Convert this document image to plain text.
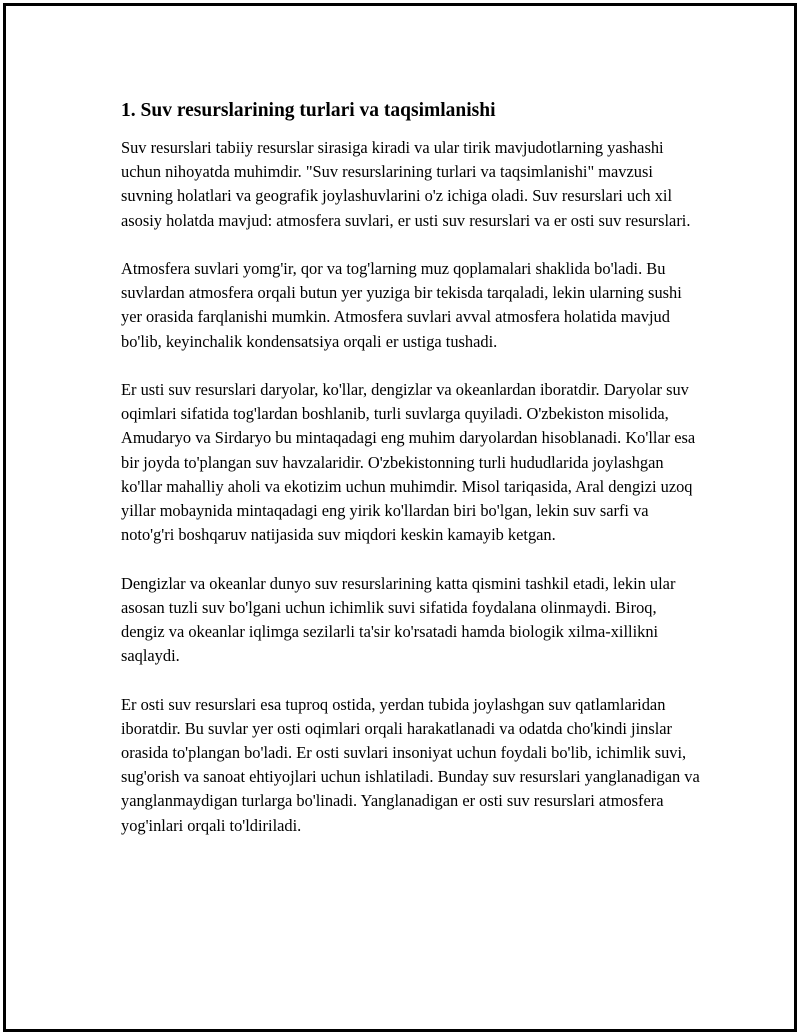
1. Suv resurslarining turlari va taqsimlanishi

Suv resurslari tabiiy resurslar sirasiga kiradi va ular tirik mavjudotlarning yashashi uchun nihoyatda muhimdir. "Suv resurslarining turlari va taqsimlanishi" mavzusi suvning holatlari va geografik joylashuvlarini o'z ichiga oladi. Suv resurslari uch xil asosiy holatda mavjud: atmosfera suvlari, er usti suv resurslari va er osti suv resurslari.

Atmosfera suvlari yomg'ir, qor va tog'larning muz qoplamalari shaklida bo'ladi. Bu suvlardan atmosfera orqali butun yer yuziga bir tekisda tarqaladi, lekin ularning sushi yer orasida farqlanishi mumkin. Atmosfera suvlari avval atmosfera holatida mavjud bo'lib, keyinchalik kondensatsiya orqali er ustiga tushadi.

Er usti suv resurslari daryolar, ko'llar, dengizlar va okeanlardan iboratdir. Daryolar suv oqimlari sifatida tog'lardan boshlanib, turli suvlarga quyiladi. O'zbekiston misolida, Amudaryo va Sirdaryo bu mintaqadagi eng muhim daryolardan hisoblanadi. Ko'llar esa bir joyda to'plangan suv havzalaridir. O'zbekistonning turli hududlarida joylashgan ko'llar mahalliy aholi va ekotizim uchun muhimdir. Misol tariqasida, Aral dengizi uzoq yillar mobaynida mintaqadagi eng yirik ko'llardan biri bo'lgan, lekin suv sarfi va noto'g'ri boshqaruv natijasida suv miqdori keskin kamayib ketgan.

Dengizlar va okeanlar dunyo suv resurslarining katta qismini tashkil etadi, lekin ular asosan tuzli suv bo'lgani uchun ichimlik suvi sifatida foydalana olinmaydi. Biroq, dengiz va okeanlar iqlimga sezilarli ta'sir ko'rsatadi hamda biologik xilma-xillikni saqlaydi.

Er osti suv resurslari esa tuproq ostida, yerdan tubida joylashgan suv qatlamlaridan iboratdir. Bu suvlar yer osti oqimlari orqali harakatlanadi va odatda cho'kindi jinslar orasida to'plangan bo'ladi. Er osti suvlari insoniyat uchun foydali bo'lib, ichimlik suvi, sug'orish va sanoat ehtiyojlari uchun ishlatiladi. Bunday suv resurslari yanglanadigan va yanglanmaydigan turlarga bo'linadi. Yanglanadigan er osti suv resurslari atmosfera yog'inlari orqali to'ldiriladi.
